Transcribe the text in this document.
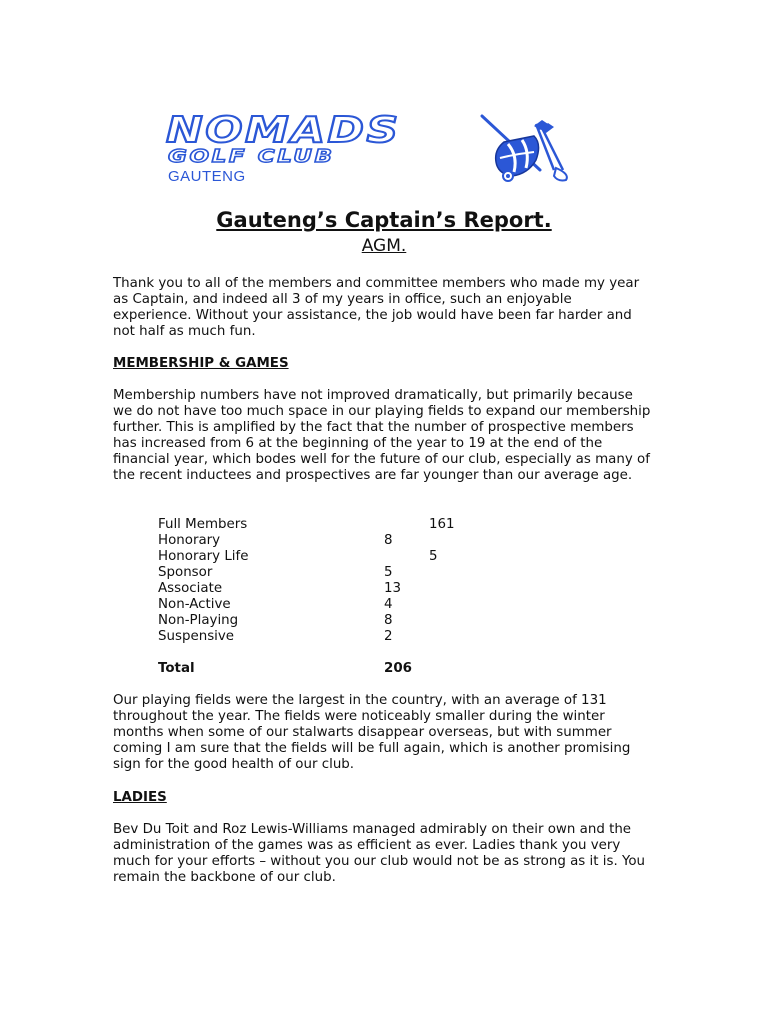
NOMADS
GOLF CLUB
GAUTENG
Gauteng’s Captain’s Report.
AGM.

Thank you to all of the members and committee members who made my year as Captain, and indeed all 3 of my years in office, such an enjoyable experience. Without your assistance, the job would have been far harder and not half as much fun.

MEMBERSHIP & GAMES

Membership numbers have not improved dramatically, but primarily because we do not have too much space in our playing fields to expand our membership further. This is amplified by the fact that the number of prospective members has increased from 6 at the beginning of the year to 19 at the end of the financial year, which bodes well for the future of our club, especially as many of the recent inductees and prospectives are far younger than our average age.

Full Members	161
Honorary	8
Honorary Life	5
Sponsor	5
Associate	13
Non-Active	4
Non-Playing	8
Suspensive	2
Total	206

Our playing fields were the largest in the country, with an average of 131 throughout the year. The fields were noticeably smaller during the winter months when some of our stalwarts disappear overseas, but with summer coming I am sure that the fields will be full again, which is another promising sign for the good health of our club.

LADIES

Bev Du Toit and Roz Lewis-Williams managed admirably on their own and the administration of the games was as efficient as ever. Ladies thank you very much for your efforts – without you our club would not be as strong as it is. You remain the backbone of our club.
